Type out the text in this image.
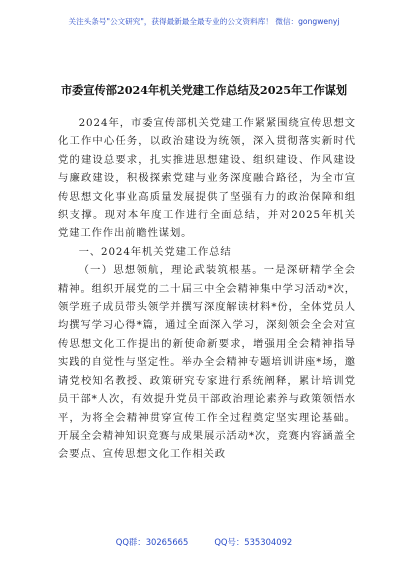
关注头条号"公文研究"，获得最新最全最专业的公文资料库！ 微信：gongwenyj
市委宣传部2024年机关党建工作总结及2025年工作谋划

2024年，市委宣传部机关党建工作紧紧围绕宣传思想文化工作中心任务，以政治建设为统领，深入贯彻落实新时代党的建设总要求，扎实推进思想建设、组织建设、作风建设与廉政建设，积极探索党建与业务深度融合路径，为全市宣传思想文化事业高质量发展提供了坚强有力的政治保障和组织支撑。现对本年度工作进行全面总结，并对2025年机关党建工作作出前瞻性谋划。

一、2024年机关党建工作总结

（一）思想领航，理论武装筑根基。一是深研精学全会精神。组织开展党的二十届三中全会精神集中学习活动*次，领学班子成员带头领学并撰写深度解读材料*份，全体党员人均撰写学习心得*篇，通过全面深入学习，深刻领会全会对宣传思想文化工作提出的新使命新要求，增强用全会精神指导实践的自觉性与坚定性。举办全会精神专题培训讲座*场，邀请党校知名教授、政策研究专家进行系统阐释，累计培训党员干部*人次，有效提升党员干部政治理论素养与政策领悟水平，为将全会精神贯穿宣传工作全过程奠定坚实理论基础。开展全会精神知识竞赛与成果展示活动*次，竞赛内容涵盖全会要点、宣传思想文化工作相关政

QQ群：30265665	QQ号：535304092
